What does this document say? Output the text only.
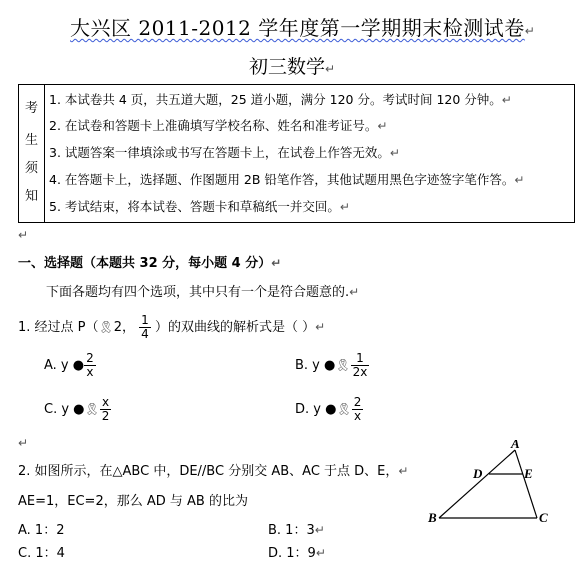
大兴区 2011-2012 学年度第一学期期末检测试卷↵
初三数学↵
考
生
须
知
1. 本试卷共 4 页，共五道大题，25 道小题，满分 120 分。考试时间 120 分钟。↵
2. 在试卷和答题卡上准确填写学校名称、姓名和准考证号。↵
3. 试题答案一律填涂或书写在答题卡上，在试卷上作答无效。↵
4. 在答题卡上，选择题、作图题用 2B 铅笔作答，其他试题用黑色字迹签字笔作答。↵
5. 考试结束，将本试卷、答题卡和草稿纸一并交回。↵
↵
一、选择题（本题共 32 分，每小题 4 分）↵
下面各题均有四个选项，其中只有一个是符合题意的.↵
1. 经过点 P（🎗2， $\frac{1}{4}$ ）的双曲线的解析式是（ ）↵
A. y ● $\frac{2}{x}$	B. y ●🎗 $\frac{1}{2x}$
C. y ●🎗 $\frac{x}{2}$	D. y ●🎗 $\frac{2}{x}$
↵
2. 如图所示，在△ABC 中，DE//BC 分别交 AB、AC 于点 D、E，↵
AE=1，EC=2，那么 AD 与 AB 的比为
A. 1：2	B. 1：3↵
C. 1：4	D. 1：9↵
A
B	C
D	E
